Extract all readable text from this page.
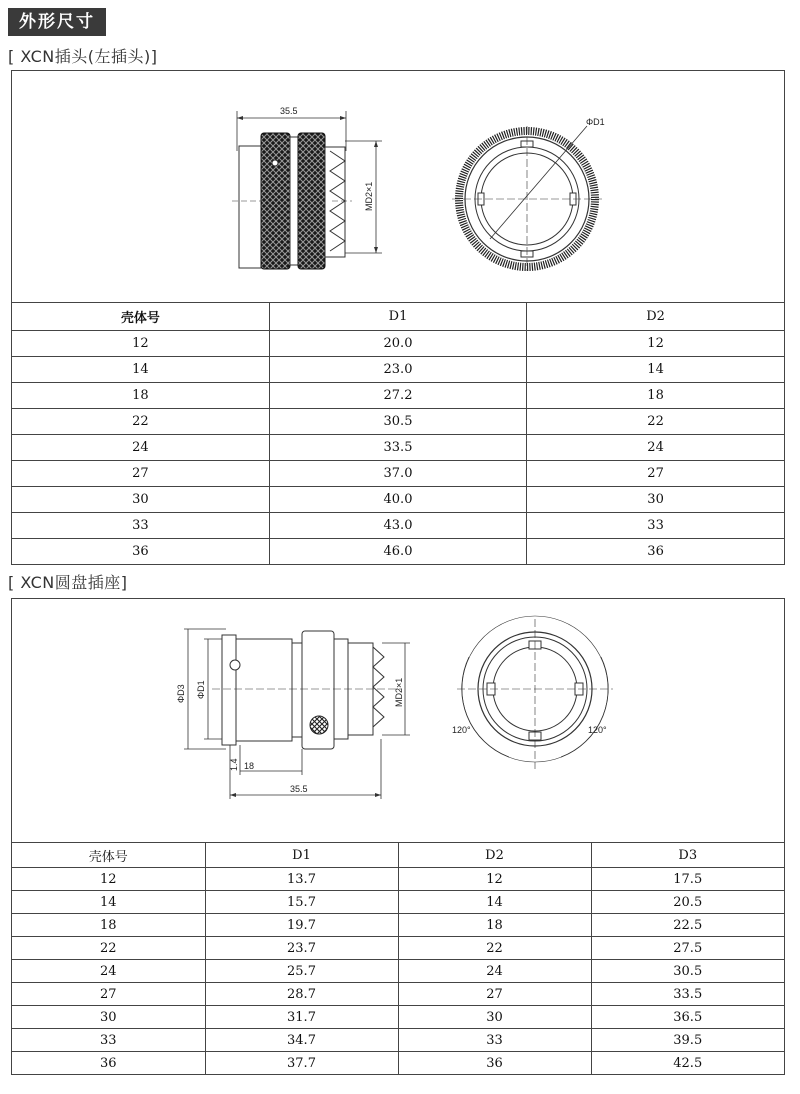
外形尺寸
[ XCN插头(左插头)]
35.5
MD2×1
ΦD1
壳体号	D1	D2
12	20.0	12
14	23.0	14
18	27.2	18
22	30.5	22
24	33.5	24
27	37.0	27
30	40.0	30
33	43.0	33
36	46.0	36
[ XCN圆盘插座]
ΦD3 ΦD1	MD2×1
1.4 18
35.5
120°	120°
壳体号	D1	D2	D3
12	13.7	12	17.5
14	15.7	14	20.5
18	19.7	18	22.5
22	23.7	22	27.5
24	25.7	24	30.5
27	28.7	27	33.5
30	31.7	30	36.5
33	34.7	33	39.5
36	37.7	36	42.5
